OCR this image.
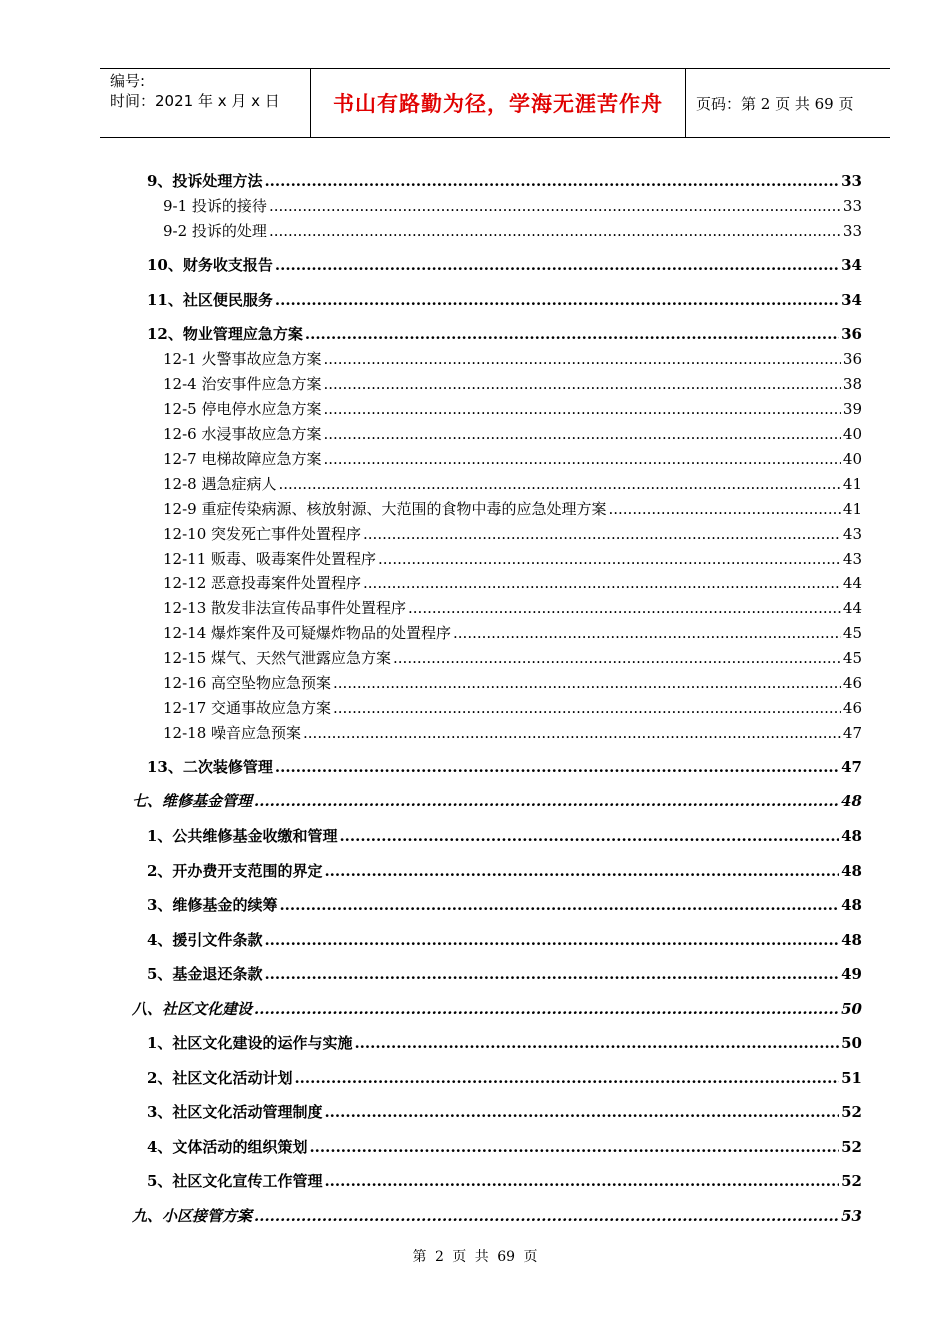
编号:
时间：2021 年 x 月 x 日	书山有路勤为径，学海无涯苦作舟	页码：第 2 页 共 69 页
9、投诉处理方法 .....	33
9-1 投诉的接待 .....	33
9-2 投诉的处理 .....	33
10、财务收支报告 .....	34
11、社区便民服务 .....	34
12、物业管理应急方案 .....	36
12-1 火警事故应急方案 .....	36
12-4 治安事件应急方案 .....	38
12-5 停电停水应急方案 .....	39
12-6 水浸事故应急方案 .....	40
12-7 电梯故障应急方案 .....	40
12-8 遇急症病人 .....	41
12-9 重症传染病源、核放射源、大范围的食物中毒的应急处理方案 .....	41
12-10 突发死亡事件处置程序 .....	43
12-11 贩毒、吸毒案件处置程序 .....	43
12-12 恶意投毒案件处置程序 .....	44
12-13 散发非法宣传品事件处置程序 .....	44
12-14 爆炸案件及可疑爆炸物品的处置程序 .....	45
12-15 煤气、天然气泄露应急方案 .....	45
12-16 高空坠物应急预案 .....	46
12-17 交通事故应急方案 .....	46
12-18 噪音应急预案 .....	47
13、二次装修管理 .....	47
七、维修基金管理 .....	48
1、公共维修基金收缴和管理 .....	48
2、开办费开支范围的界定 .....	48
3、维修基金的续筹 .....	48
4、援引文件条款 .....	48
5、基金退还条款 .....	49
八、社区文化建设 .....	50
1、社区文化建设的运作与实施 .....	50
2、社区文化活动计划 .....	51
3、社区文化活动管理制度 .....	52
4、文体活动的组织策划 .....	52
5、社区文化宣传工作管理 .....	52
九、小区接管方案 .....	53
第 2 页 共 69 页
